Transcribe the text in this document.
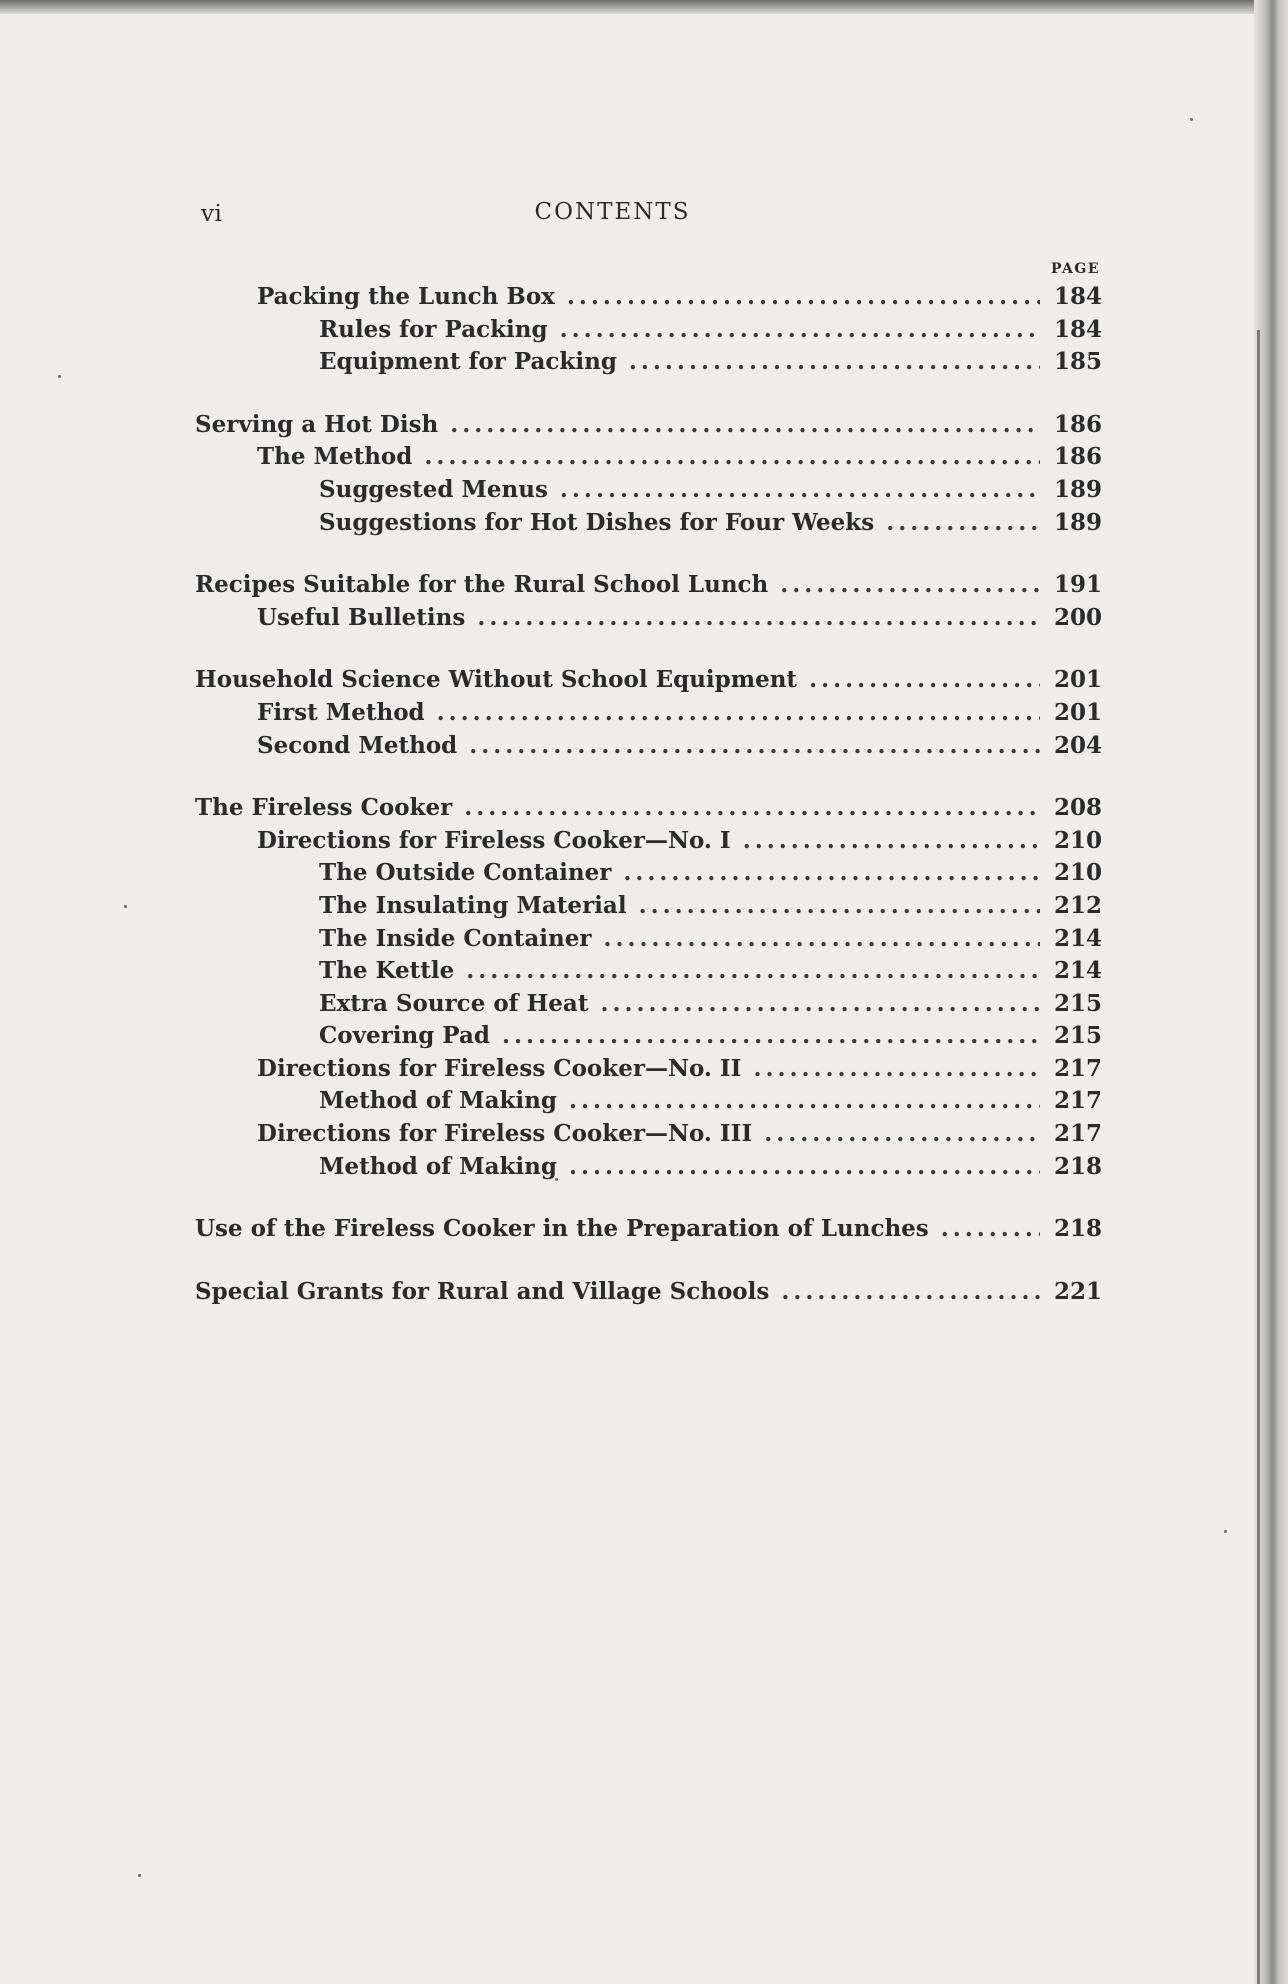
vi	CONTENTS
PAGE
Packing the Lunch Box .....	184
Rules for Packing .....	184
Equipment for Packing .....	185
Serving a Hot Dish .....	186
The Method .....	186
Suggested Menus .....	189
Suggestions for Hot Dishes for Four Weeks .....	189
Recipes Suitable for the Rural School Lunch .....	191
Useful Bulletins .....	200
Household Science Without School Equipment .....	201
First Method .....	201
Second Method .....	204
The Fireless Cooker .....	208
Directions for Fireless Cooker—No. I .....	210
The Outside Container .....	210
The Insulating Material .....	212
The Inside Container .....	214
The Kettle .....	214
Extra Source of Heat .....	215
Covering Pad .....	215
Directions for Fireless Cooker—No. II .....	217
Method of Making .....	217
Directions for Fireless Cooker—No. III .....	217
Method of Making .....	218
Use of the Fireless Cooker in the Preparation of Lunches .....	218
Special Grants for Rural and Village Schools .....	221
